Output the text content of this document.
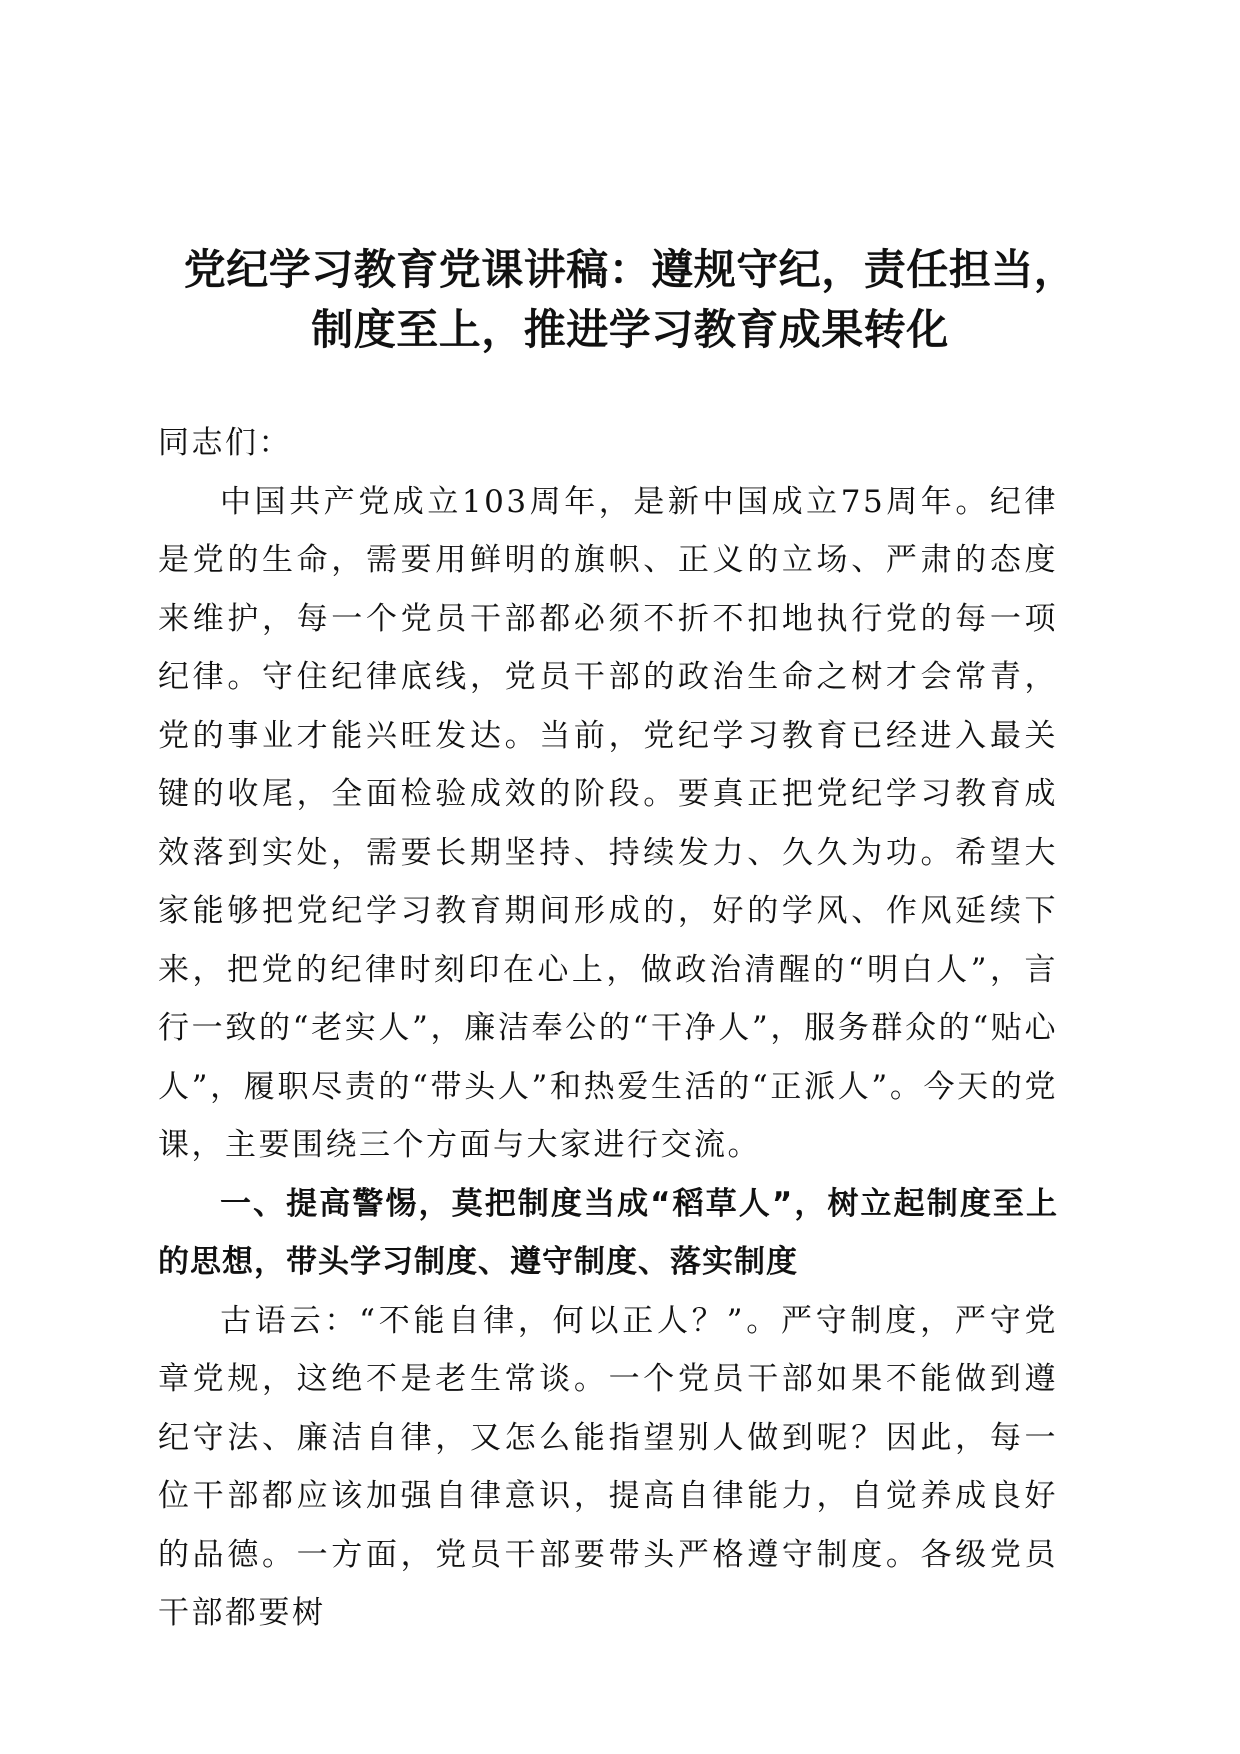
党纪学习教育党课讲稿：遵规守纪，责任担当，
制度至上，推进学习教育成果转化

同志们：

中国共产党成立103周年，是新中国成立75周年。纪律是党的生命，需要用鲜明的旗帜、正义的立场、严肃的态度来维护，每一个党员干部都必须不折不扣地执行党的每一项纪律。守住纪律底线，党员干部的政治生命之树才会常青，党的事业才能兴旺发达。当前，党纪学习教育已经进入最关键的收尾，全面检验成效的阶段。要真正把党纪学习教育成效落到实处，需要长期坚持、持续发力、久久为功。希望大家能够把党纪学习教育期间形成的，好的学风、作风延续下来，把党的纪律时刻印在心上，做政治清醒的“明白人”，言行一致的“老实人”，廉洁奉公的“干净人”，服务群众的“贴心人”，履职尽责的“带头人”和热爱生活的“正派人”。今天的党课，主要围绕三个方面与大家进行交流。

一、提高警惕，莫把制度当成“稻草人”，树立起制度至上的思想，带头学习制度、遵守制度、落实制度

古语云：“不能自律，何以正人？”。严守制度，严守党章党规，这绝不是老生常谈。一个党员干部如果不能做到遵纪守法、廉洁自律，又怎么能指望别人做到呢？因此，每一位干部都应该加强自律意识，提高自律能力，自觉养成良好的品德。一方面，党员干部要带头严格遵守制度。各级党员干部都要树
